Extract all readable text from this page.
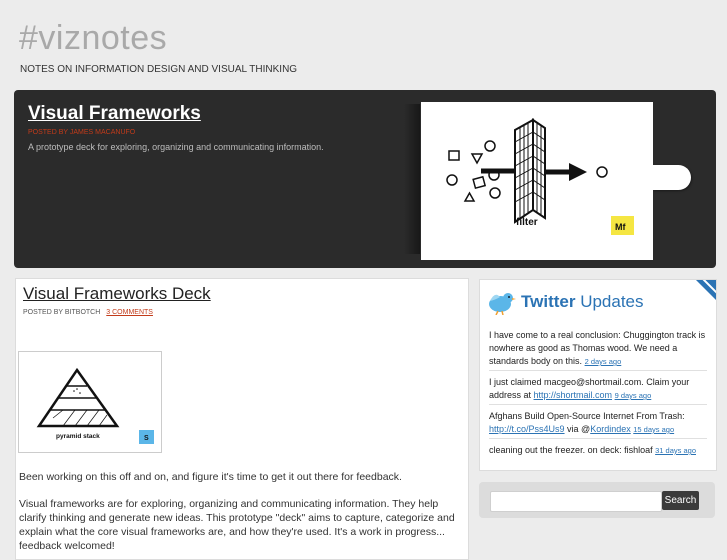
#viznotes
NOTES ON INFORMATION DESIGN AND VISUAL THINKING
Visual Frameworks
POSTED BY JAMES MACANUFO
A prototype deck for exploring, organizing and communicating information.
filter	Mf
Visual Frameworks Deck
POSTED BY BITBOTCH 3 COMMENTS
pyramid stack	S
Been working on this off and on, and figure it's time to get it out there for feedback.
Visual frameworks are for exploring, organizing and communicating information. They help clarify thinking and generate new ideas. This prototype "deck" aims to capture, categorize and explain what the core visual frameworks are, and how they're used. It's a work in progress... feedback welcomed!
Twitter Updates
I have come to a real conclusion: Chuggington track is nowhere as good as Thomas wood. We need a standards body on this. 2 days ago
I just claimed macgeo@shortmail.com. Claim your address at http://shortmail.com 9 days ago
Afghans Build Open-Source Internet From Trash: http://t.co/Pss4Us9 via @Kordindex 15 days ago
cleaning out the freezer. on deck: fishloaf 31 days ago
Search
